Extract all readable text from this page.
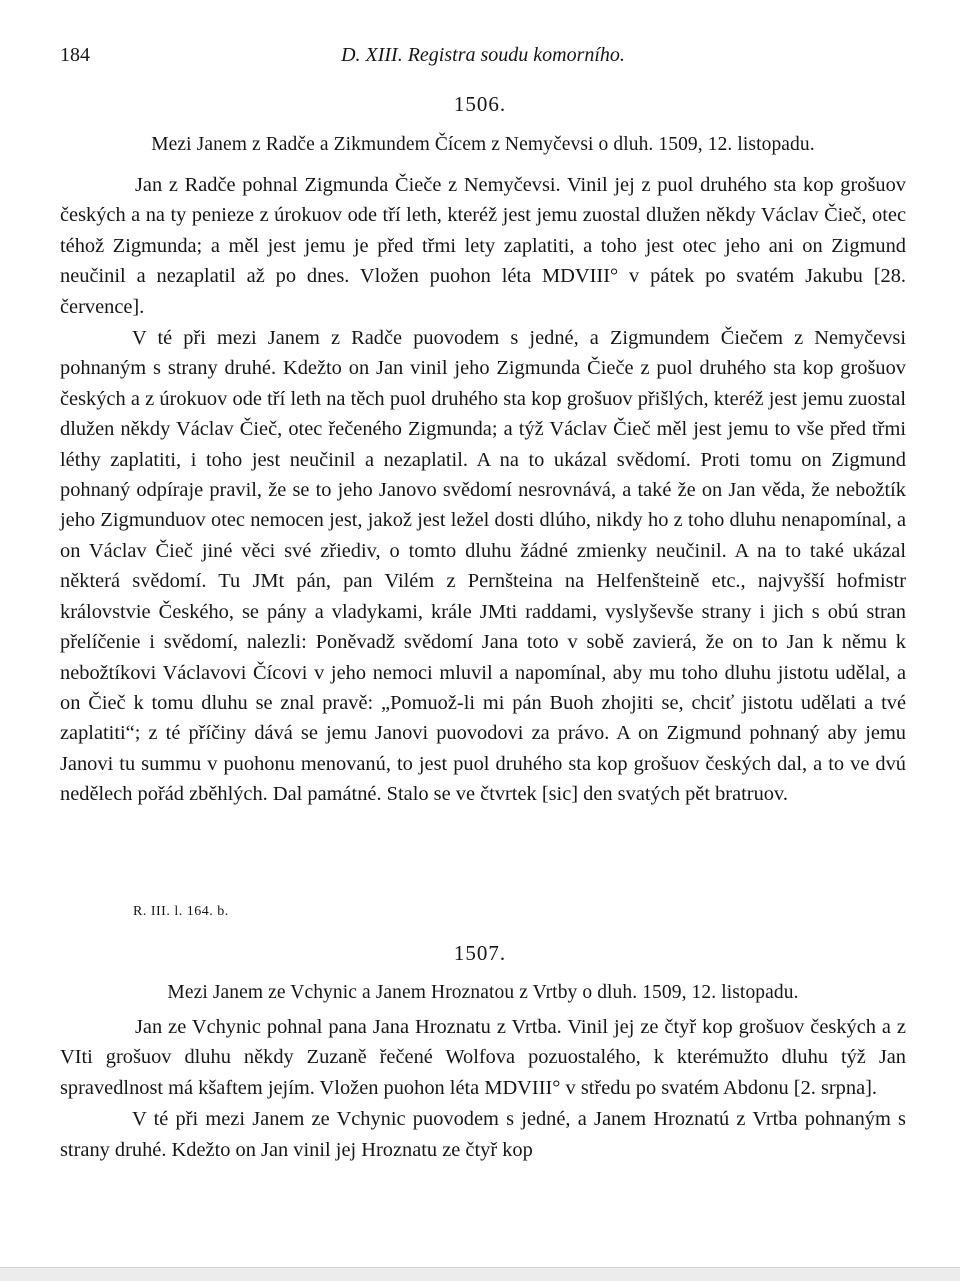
184	D. XIII. Registra soudu komorního.
1506.
Mezi Janem z Radče a Zikmundem Čícem z Nemyčevsi o dluh. 1509, 12. listopadu.

Jan z Radče pohnal Zigmunda Čieče z Nemyčevsi. Vinil jej z puol druhého sta kop grošuov českých a na ty penieze z úrokuov ode tří leth, kteréž jest jemu zuostal dlužen někdy Václav Čieč, otec téhož Zigmunda; a měl jest jemu je před třmi lety zaplatiti, a toho jest otec jeho ani on Zigmund neučinil a nezaplatil až po dnes. Vložen puohon léta MDVIII° v pátek po svatém Jakubu [28. července].

V té při mezi Janem z Radče puovodem s jedné, a Zigmundem Čiečem z Nemyčevsi pohnaným s strany druhé. Kdežto on Jan vinil jeho Zigmunda Čieče z puol druhého sta kop grošuov českých a z úrokuov ode tří leth na těch puol druhého sta kop grošuov přišlých, kteréž jest jemu zuostal dlužen někdy Václav Čieč, otec řečeného Zigmunda; a týž Václav Čieč měl jest jemu to vše před třmi léthy zaplatiti, i toho jest neučinil a nezaplatil. A na to ukázal svědomí. Proti tomu on Zigmund pohnaný odpíraje pravil, že se to jeho Janovo svědomí nesrovnává, a také že on Jan věda, že nebožtík jeho Zigmunduov otec nemocen jest, jakož jest ležel dosti dlúho, nikdy ho z toho dluhu nenapomínal, a on Václav Čieč jiné věci své zřiediv, o tomto dluhu žádné zmienky neučinil. A na to také ukázal některá svědomí. Tu JMt pán, pan Vilém z Pernšteina na Helfenšteině etc., najvyšší hofmistr královstvie Českého, se pány a vladykami, krále JMti raddami, vyslyševše strany i jich s obú stran přelíčenie i svědomí, nalezli: Poněvadž svědomí Jana toto v sobě zavierá, že on to Jan k němu k nebožtíkovi Václavovi Čícovi v jeho nemoci mluvil a napomínal, aby mu toho dluhu jistotu udělal, a on Čieč k tomu dluhu se znal pravě: „Pomuož-li mi pán Buoh zhojiti se, chciť jistotu udělati a tvé zaplatiti“; z té příčiny dává se jemu Janovi puovodovi za právo. A on Zigmund pohnaný aby jemu Janovi tu summu v puohonu menovanú, to jest puol druhého sta kop grošuov českých dal, a to ve dvú nedělech pořád zběhlých. Dal památné. Stalo se ve čtvrtek [sic] den svatých pět bratruov.

R. III. l. 164. b.
1507.
Mezi Janem ze Vchynic a Janem Hroznatou z Vrtby o dluh. 1509, 12. listopadu.

Jan ze Vchynic pohnal pana Jana Hroznatu z Vrtba. Vinil jej ze čtyř kop grošuov českých a z VIti grošuov dluhu někdy Zuzaně řečené Wolfova pozuostalého, k kterémužto dluhu týž Jan spravedlnost má kšaftem jejím. Vložen puohon léta MDVIII° v středu po svatém Abdonu [2. srpna].

V té při mezi Janem ze Vchynic puovodem s jedné, a Janem Hroznatú z Vrtba pohnaným s strany druhé. Kdežto on Jan vinil jej Hroznatu ze čtyř kop
